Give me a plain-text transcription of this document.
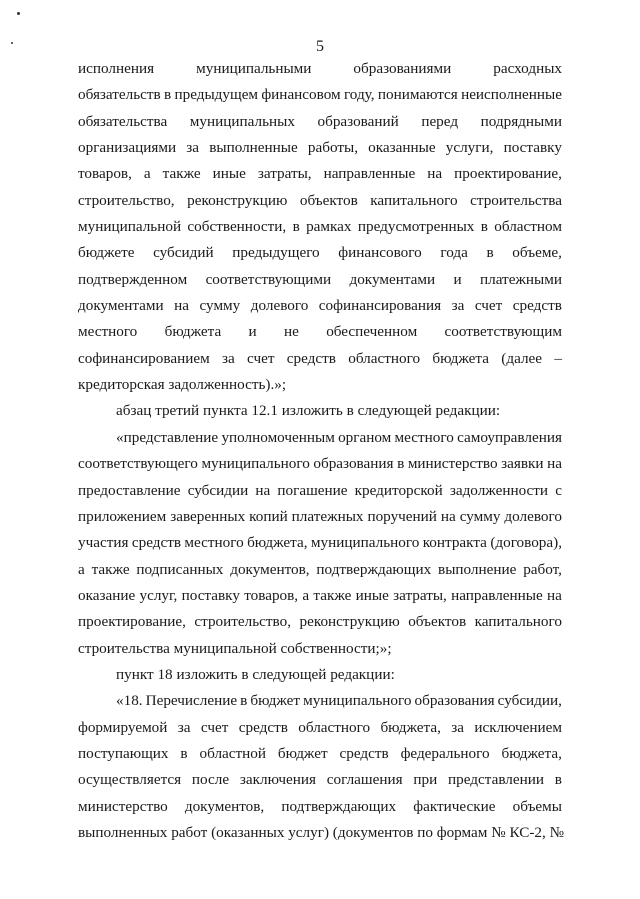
5
исполнения	муниципальными	образованиями	расходных
обязательств в предыдущем финансовом году, понимаются неисполненные
обязательства муниципальных образований перед подрядными
организациями за выполненные работы, оказанные услуги, поставку
товаров, а также иные затраты, направленные на проектирование,
строительство, реконструкцию объектов капитального строительства
муниципальной собственности, в рамках предусмотренных в областном
бюджете субсидий предыдущего финансового года в объеме,
подтвержденном соответствующими документами и платежными
документами на сумму долевого софинансирования за счет средств
местного бюджета и не обеспеченном соответствующим
софинансированием за счет средств областного бюджета (далее –
кредиторская задолженность).»;
абзац третий пункта 12.1 изложить в следующей редакции:
«представление уполномоченным органом местного самоуправления
соответствующего муниципального образования в министерство заявки на
предоставление субсидии на погашение кредиторской задолженности с
приложением заверенных копий платежных поручений на сумму долевого
участия средств местного бюджета, муниципального контракта (договора),
а также подписанных документов, подтверждающих выполнение работ,
оказание услуг, поставку товаров, а также иные затраты, направленные на
проектирование, строительство, реконструкцию объектов капитального
строительства муниципальной собственности;»;
пункт 18 изложить в следующей редакции:
«18. Перечисление в бюджет муниципального образования субсидии,
формируемой за счет средств областного бюджета, за исключением
поступающих в областной бюджет средств федерального бюджета,
осуществляется после заключения соглашения при представлении в
министерство документов, подтверждающих фактические объемы
выполненных работ (оказанных услуг) (документов по формам № КС-2, №
